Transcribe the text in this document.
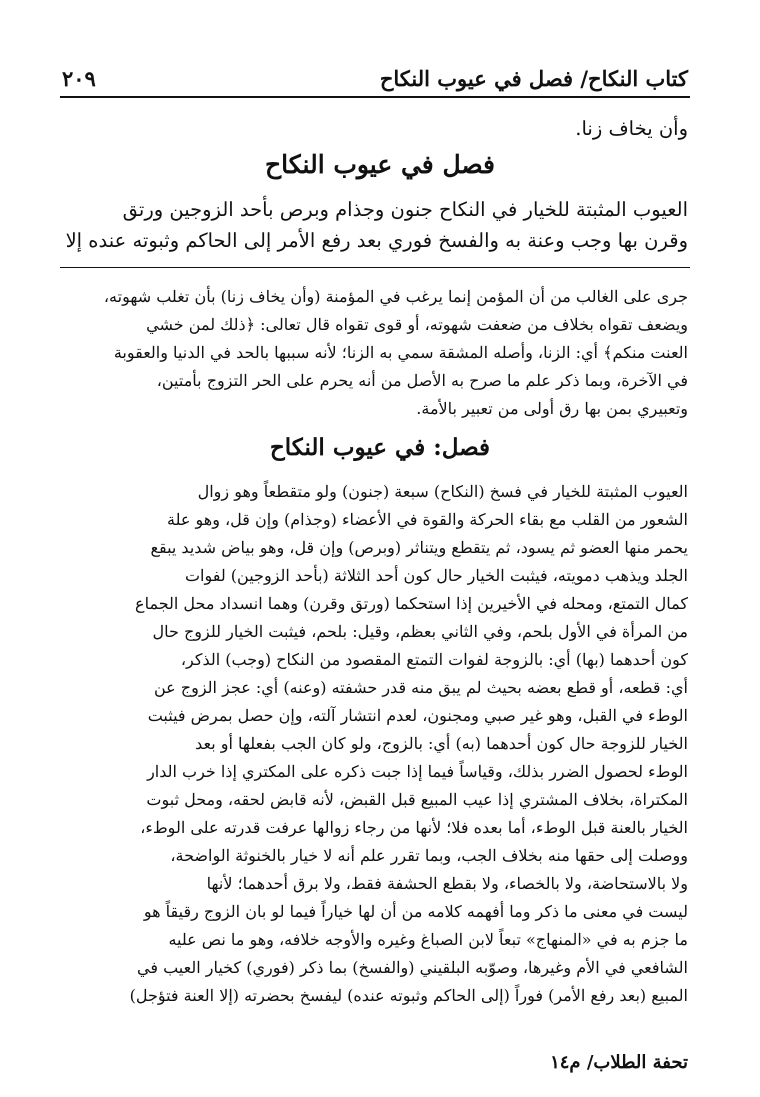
كتاب النكاح/ فصل في عيوب النكاح
٢٠٩
وأن يخاف زنا.
فصل في عيوب النكاح
العيوب المثبتة للخيار في النكاح جنون وجذام وبرص بأحد الزوجين ورتق
وقرن بها وجب وعنة به والفسخ فوري بعد رفع الأمر إلى الحاكم وثبوته عنده إلا
جرى على الغالب من أن المؤمن إنما يرغب في المؤمنة (وأن يخاف زنا) بأن تغلب شهوته،
ويضعف تقواه بخلاف من ضعفت شهوته، أو قوى تقواه قال تعالى: ﴿ذلك لمن خشي
العنت منكم﴾ أي: الزنا، وأصله المشقة سمي به الزنا؛ لأنه سببها بالحد في الدنيا والعقوبة
في الآخرة، وبما ذكر علم ما صرح به الأصل من أنه يحرم على الحر التزوج بأمتين،
وتعبيري بمن بها رق أولى من تعبير بالأمة.
فصل: في عيوب النكاح
العيوب المثبتة للخيار في فسخ (النكاح) سبعة (جنون) ولو متقطعاً وهو زوال
الشعور من القلب مع بقاء الحركة والقوة في الأعضاء (وجذام) وإن قل، وهو علة
يحمر منها العضو ثم يسود، ثم يتقطع ويتناثر (وبرص) وإن قل، وهو بياض شديد يبقع
الجلد ويذهب دمويته، فيثبت الخيار حال كون أحد الثلاثة (بأحد الزوجين) لفوات
كمال التمتع، ومحله في الأخيرين إذا استحكما (ورتق وقرن) وهما انسداد محل الجماع
من المرأة في الأول بلحم، وفي الثاني بعظم، وقيل: بلحم، فيثبت الخيار للزوج حال
كون أحدهما (بها) أي: بالزوجة لفوات التمتع المقصود من النكاح (وجب) الذكر،
أي: قطعه، أو قطع بعضه بحيث لم يبق منه قدر حشفته (وعنه) أي: عجز الزوج عن
الوطء في القبل، وهو غير صبي ومجنون، لعدم انتشار آلته، وإن حصل بمرض فيثبت
الخيار للزوجة حال كون أحدهما (به) أي: بالزوج، ولو كان الجب بفعلها أو بعد
الوطء لحصول الضرر بذلك، وقياساً فيما إذا جبت ذكره على المكتري إذا خرب الدار
المكتراة، بخلاف المشتري إذا عيب المبيع قبل القبض، لأنه قابض لحقه، ومحل ثبوت
الخيار بالعنة قبل الوطء، أما بعده فلا؛ لأنها من رجاء زوالها عرفت قدرته على الوطء،
ووصلت إلى حقها منه بخلاف الجب، وبما تقرر علم أنه لا خيار بالخنوثة الواضحة،
ولا بالاستحاضة، ولا بالخصاء، ولا بقطع الحشفة فقط، ولا برق أحدهما؛ لأنها
ليست في معنى ما ذكر وما أفهمه كلامه من أن لها خياراً فيما لو بان الزوج رقيقاً هو
ما جزم به في «المنهاج» تبعاً لابن الصباغ وغيره والأوجه خلافه، وهو ما نص عليه
الشافعي في الأم وغيرها، وصوّبه البلقيني (والفسخ) بما ذكر (فوري) كخيار العيب في
المبيع (بعد رفع الأمر) فوراً (إلى الحاكم وثبوته عنده) ليفسخ بحضرته (إلا العنة فتؤجل)
تحفة الطلاب/ م١٤
